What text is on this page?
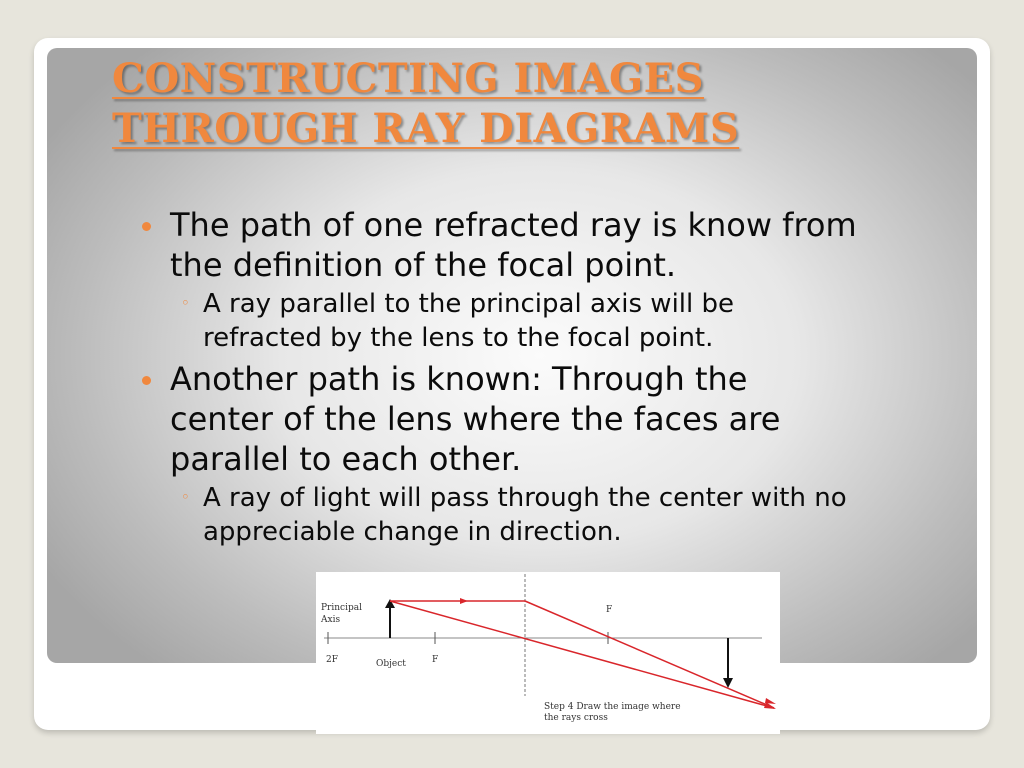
CONSTRUCTING IMAGES
THROUGH RAY DIAGRAMS
The path of one refracted ray is know from
the definition of the focal point.
◦ A ray parallel to the principal axis will be
refracted by the lens to the focal point.
Another path is known: Through the
center of the lens where the faces are
parallel to each other.
◦ A ray of light will pass through the center with no
appreciable change in direction.
Principal
Axis
2F	Object	F
F
Step 4 Draw the image where
the rays cross
